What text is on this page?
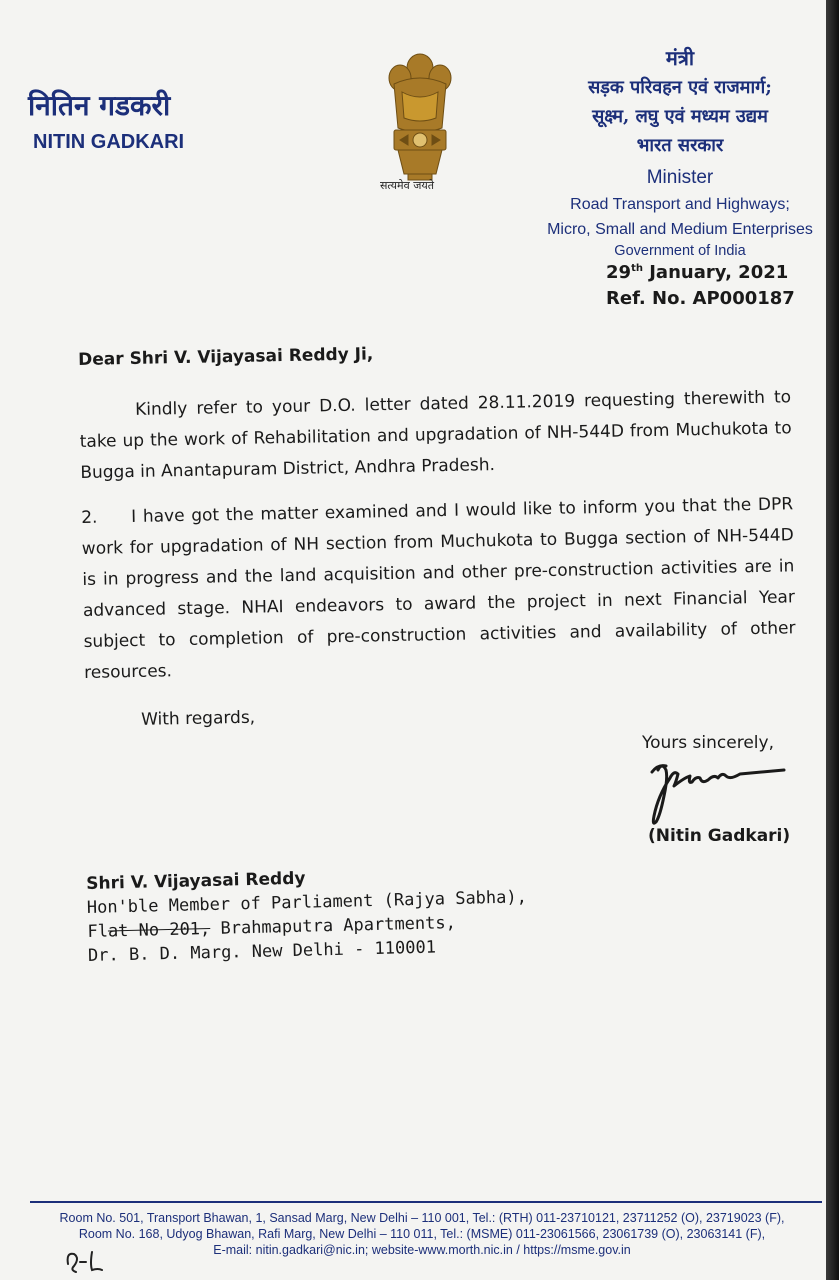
नितिन गडकरी
NITIN GADKARI
सत्यमेव जयते
मंत्री
सड़क परिवहन एवं राजमार्ग;
सूक्ष्म, लघु एवं मध्यम उद्यम
भारत सरकार
Minister
Road Transport and Highways;
Micro, Small and Medium Enterprises
Government of India
29th January, 2021
Ref. No. AP000187
Dear Shri V. Vijayasai Reddy Ji,
Kindly refer to your D.O. letter dated 28.11.2019 requesting therewith to take up the work of Rehabilitation and upgradation of NH-544D from Muchukota to Bugga in Anantapuram District, Andhra Pradesh.
2. I have got the matter examined and I would like to inform you that the DPR work for upgradation of NH section from Muchukota to Bugga section of NH-544D is in progress and the land acquisition and other pre-construction activities are in advanced stage. NHAI endeavors to award the project in next Financial Year subject to completion of pre-construction activities and availability of other resources.
With regards,
Yours sincerely,
(Nitin Gadkari)
Shri V. Vijayasai Reddy
Hon'ble Member of Parliament (Rajya Sabha),
Flat No 201, Brahmaputra Apartments,
Dr. B. D. Marg. New Delhi - 110001
Room No. 501, Transport Bhawan, 1, Sansad Marg, New Delhi – 110 001, Tel.: (RTH) 011-23710121, 23711252 (O), 23719023 (F),
Room No. 168, Udyog Bhawan, Rafi Marg, New Delhi – 110 011, Tel.: (MSME) 011-23061566, 23061739 (O), 23063141 (F),
E-mail: nitin.gadkari@nic.in; website-www.morth.nic.in / https://msme.gov.in
